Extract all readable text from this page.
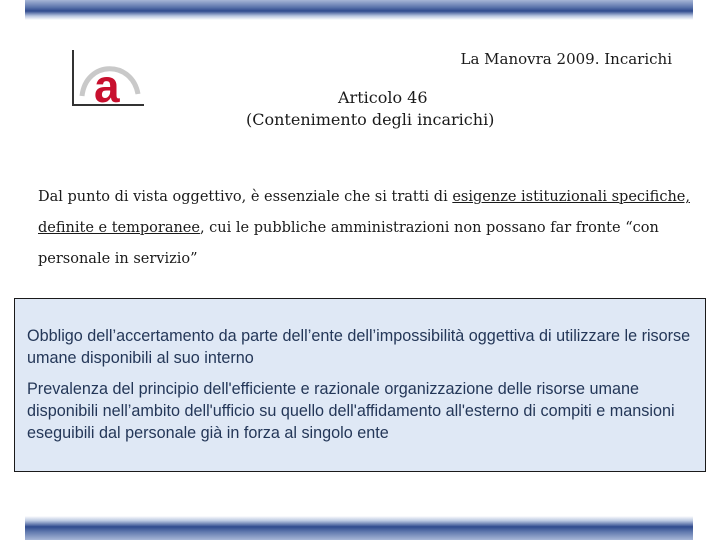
a
La Manovra 2009. Incarichi
Articolo 46
(Contenimento degli incarichi)
Dal punto di vista oggettivo, è essenziale che si tratti di esigenze istituzionali specifiche,
definite e temporanee, cui le pubbliche amministrazioni non possano far fronte “con personale in servizio”

Obbligo dell’accertamento da parte dell’ente dell’impossibilità oggettiva di utilizzare le risorse umane disponibili al suo interno

Prevalenza del principio dell'efficiente e razionale organizzazione delle risorse umane disponibili nell’ambito dell'ufficio su quello dell'affidamento all'esterno di compiti e mansioni eseguibili dal personale già in forza al singolo ente
